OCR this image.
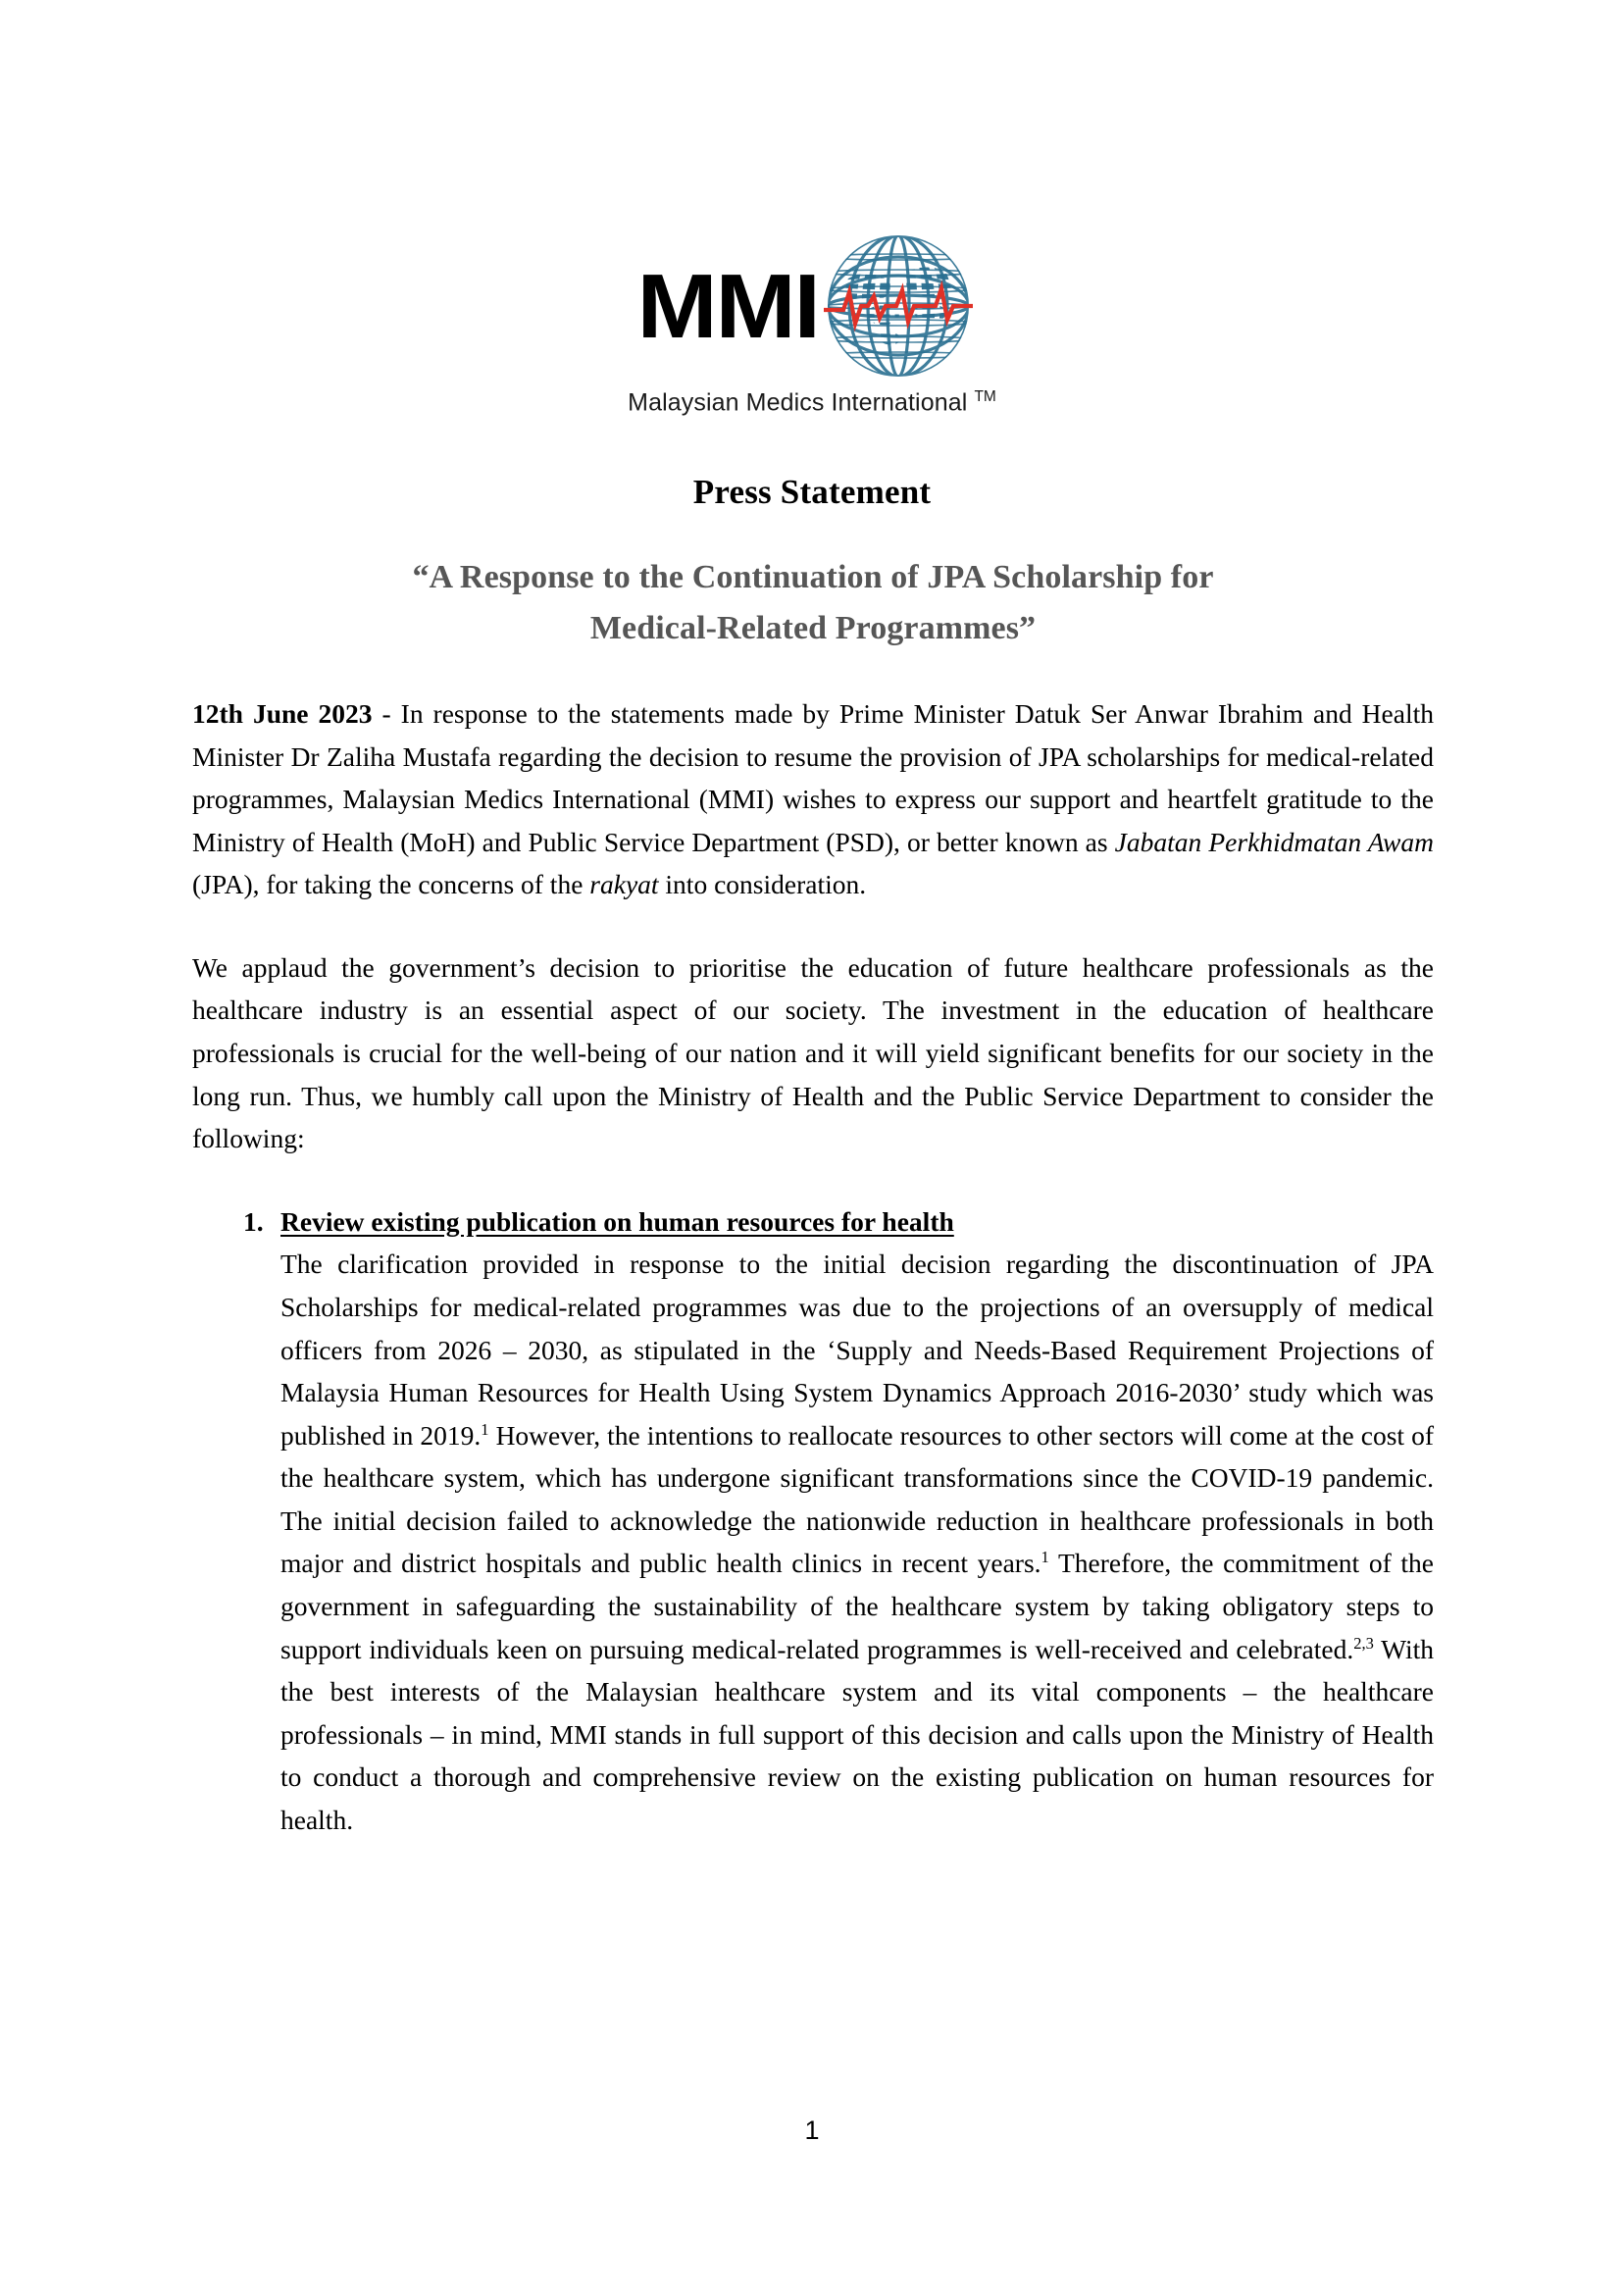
MMI
Malaysian Medics International ™
Press Statement
“A Response to the Continuation of JPA Scholarship for
Medical-Related Programmes”

12th June 2023 - In response to the statements made by Prime Minister Datuk Ser Anwar Ibrahim and Health Minister Dr Zaliha Mustafa regarding the decision to resume the provision of JPA scholarships for medical-related programmes, Malaysian Medics International (MMI) wishes to express our support and heartfelt gratitude to the Ministry of Health (MoH) and Public Service Department (PSD), or better known as Jabatan Perkhidmatan Awam (JPA), for taking the concerns of the rakyat into consideration.

We applaud the government’s decision to prioritise the education of future healthcare professionals as the healthcare industry is an essential aspect of our society. The investment in the education of healthcare professionals is crucial for the well-being of our nation and it will yield significant benefits for our society in the long run. Thus, we humbly call upon the Ministry of Health and the Public Service Department to consider the following:

Review existing publication on human resources for health

The clarification provided in response to the initial decision regarding the discontinuation of JPA Scholarships for medical-related programmes was due to the projections of an oversupply of medical officers from 2026 – 2030, as stipulated in the ‘Supply and Needs-Based Requirement Projections of Malaysia Human Resources for Health Using System Dynamics Approach 2016-2030’ study which was published in 2019.$^1$ However, the intentions to reallocate resources to other sectors will come at the cost of the healthcare system, which has undergone significant transformations since the COVID-19 pandemic. The initial decision failed to acknowledge the nationwide reduction in healthcare professionals in both major and district hospitals and public health clinics in recent years.$^1$ Therefore, the commitment of the government in safeguarding the sustainability of the healthcare system by taking obligatory steps to support individuals keen on pursuing medical-related programmes is well-received and celebrated.$^{2,3}$ With the best interests of the Malaysian healthcare system and its vital components – the healthcare professionals – in mind, MMI stands in full support of this decision and calls upon the Ministry of Health to conduct a thorough and comprehensive review on the existing publication on human resources for health.

1
